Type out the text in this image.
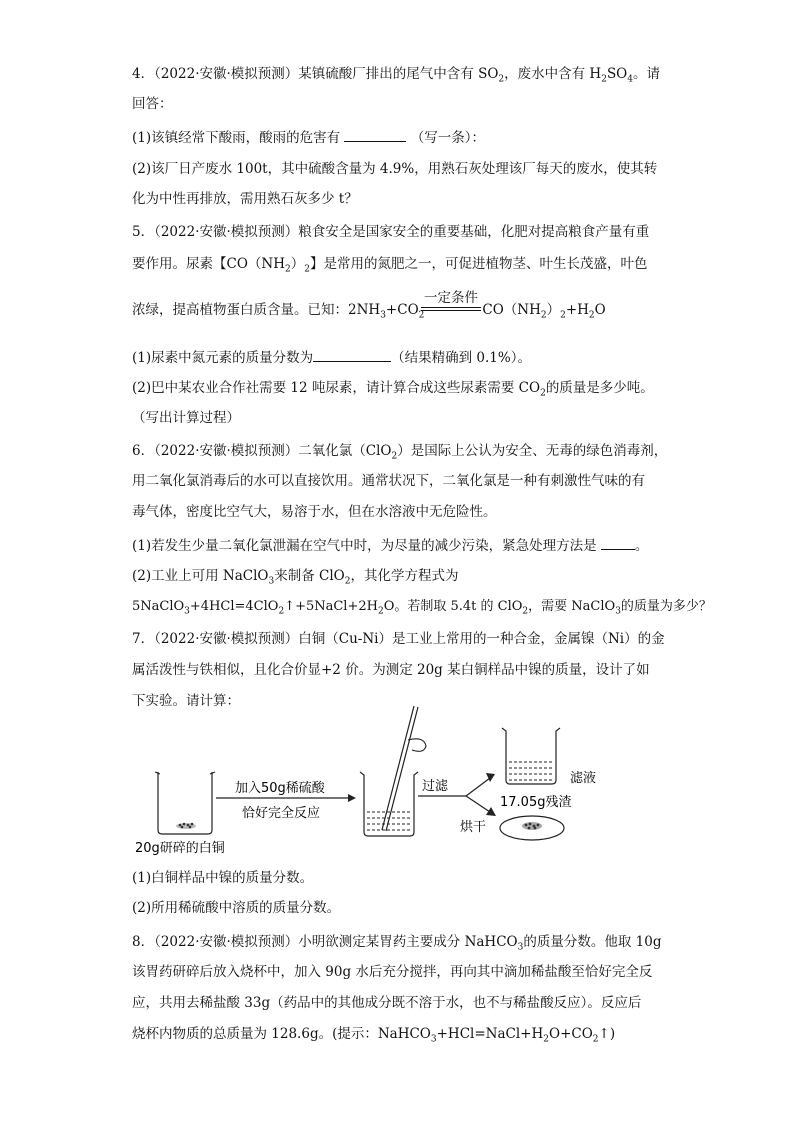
4．（2022·安徽·模拟预测）某镇硫酸厂排出的尾气中含有 $SO_2$，废水中含有 $H_2SO_4$。请
回答：
(1)该镇经常下酸雨，酸雨的危害有	（写一条）：
(2)该厂日产废水 100t，其中硫酸含量为 4.9%，用熟石灰处理该厂每天的废水，使其转
化为中性再排放，需用熟石灰多少 t？
5．（2022·安徽·模拟预测）粮食安全是国家安全的重要基础，化肥对提高粮食产量有重
要作用。尿素【$CO(NH_2)_2$】是常用的氮肥之一，可促进植物茎、叶生长茂盛，叶色
浓绿，提高植物蛋白质含量。已知：$2NH_3+CO_2$	$CO(NH_2)_2+H_2O$
一定条件
(1)尿素中氮元素的质量分数为	（结果精确到 0.1%）。
(2)巴中某农业合作社需要 12 吨尿素，请计算合成这些尿素需要 $CO_2$的质量是多少吨。
（写出计算过程）
6．（2022·安徽·模拟预测）二氧化氯（ClO$_2$）是国际上公认为安全、无毒的绿色消毒剂，
用二氧化氯消毒后的水可以直接饮用。通常状况下，二氧化氯是一种有刺激性气味的有
毒气体，密度比空气大，易溶于水，但在水溶液中无危险性。
(1)若发生少量二氧化氯泄漏在空气中时，为尽量的减少污染，紧急处理方法是	。
(2)工业上可用 NaClO$_3$来制备 ClO$_2$，其化学方程式为
$5NaClO_3+4HCl=4ClO_2↑+5NaCl+2H_2O$。若制取 5.4t 的 ClO$_2$，需要 NaClO$_3$的质量为多少？
7．（2022·安徽·模拟预测）白铜（Cu-Ni）是工业上常用的一种合金，金属镍（Ni）的金
属活泼性与铁相似，且化合价显+2 价。为测定 20g 某白铜样品中镍的质量，设计了如
下实验。请计算：
20g研碎的白铜
加入50g稀硫酸
恰好完全反应
过滤
烘干
滤液
17.05g残渣
(1)白铜样品中镍的质量分数。
(2)所用稀硫酸中溶质的质量分数。
8．（2022·安徽·模拟预测）小明欲测定某胃药主要成分 NaHCO$_3$的质量分数。他取 10g
该胃药研碎后放入烧杯中，加入 90g 水后充分搅拌，再向其中滴加稀盐酸至恰好完全反
应，共用去稀盐酸 33g（药品中的其他成分既不溶于水，也不与稀盐酸反应）。反应后
烧杯内物质的总质量为 128.6g。(提示：$NaHCO_3+HCl=NaCl+H_2O+CO_2↑$)
